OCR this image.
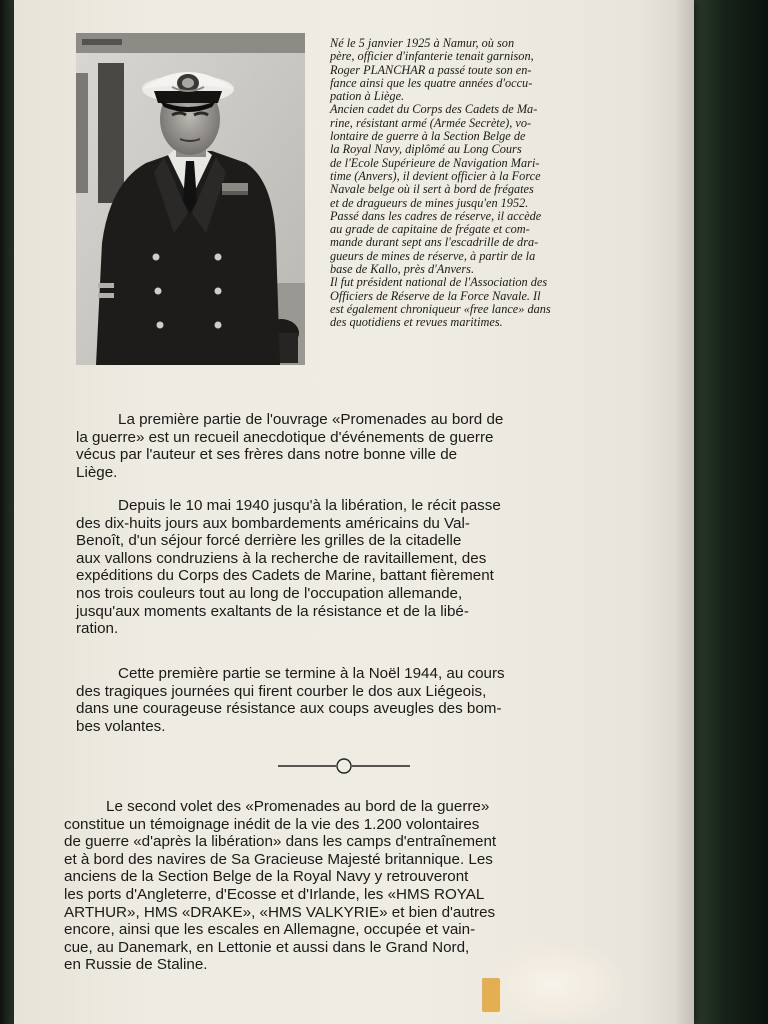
Né le 5 janvier 1925 à Namur, où son

père, officier d'infanterie tenait garnison,

Roger PLANCHAR a passé toute son en-

fance ainsi que les quatre années d'occu-

pation à Liège.

Ancien cadet du Corps des Cadets de Ma-

rine, résistant armé (Armée Secrète), vo-

lontaire de guerre à la Section Belge de

la Royal Navy, diplômé au Long Cours

de l'Ecole Supérieure de Navigation Mari-

time (Anvers), il devient officier à la Force

Navale belge où il sert à bord de frégates

et de dragueurs de mines jusqu'en 1952.

Passé dans les cadres de réserve, il accède

au grade de capitaine de frégate et com-

mande durant sept ans l'escadrille de dra-

gueurs de mines de réserve, à partir de la

base de Kallo, près d'Anvers.

Il fut président national de l'Association des

Officiers de Réserve de la Force Navale. Il

est également chroniqueur «free lance» dans

des quotidiens et revues maritimes.

La première partie de l'ouvrage «Promenades au bord de

la guerre» est un recueil anecdotique d'événements de guerre

vécus par l'auteur et ses frères dans notre bonne ville de

Liège.

Depuis le 10 mai 1940 jusqu'à la libération, le récit passe

des dix-huits jours aux bombardements américains du Val-

Benoît, d'un séjour forcé derrière les grilles de la citadelle

aux vallons condruziens à la recherche de ravitaillement, des

expéditions du Corps des Cadets de Marine, battant fièrement

nos trois couleurs tout au long de l'occupation allemande,

jusqu'aux moments exaltants de la résistance et de la libé-

ration.

Cette première partie se termine à la Noël 1944, au cours

des tragiques journées qui firent courber le dos aux Liégeois,

dans une courageuse résistance aux coups aveugles des bom-

bes volantes.

Le second volet des «Promenades au bord de la guerre»

constitue un témoignage inédit de la vie des 1.200 volontaires

de guerre «d'après la libération» dans les camps d'entraînement

et à bord des navires de Sa Gracieuse Majesté britannique. Les

anciens de la Section Belge de la Royal Navy y retrouveront

les ports d'Angleterre, d'Ecosse et d'Irlande, les «HMS ROYAL

ARTHUR», HMS «DRAKE», «HMS VALKYRIE» et bien d'autres

encore, ainsi que les escales en Allemagne, occupée et vain-

cue, au Danemark, en Lettonie et aussi dans le Grand Nord,

en Russie de Staline.
